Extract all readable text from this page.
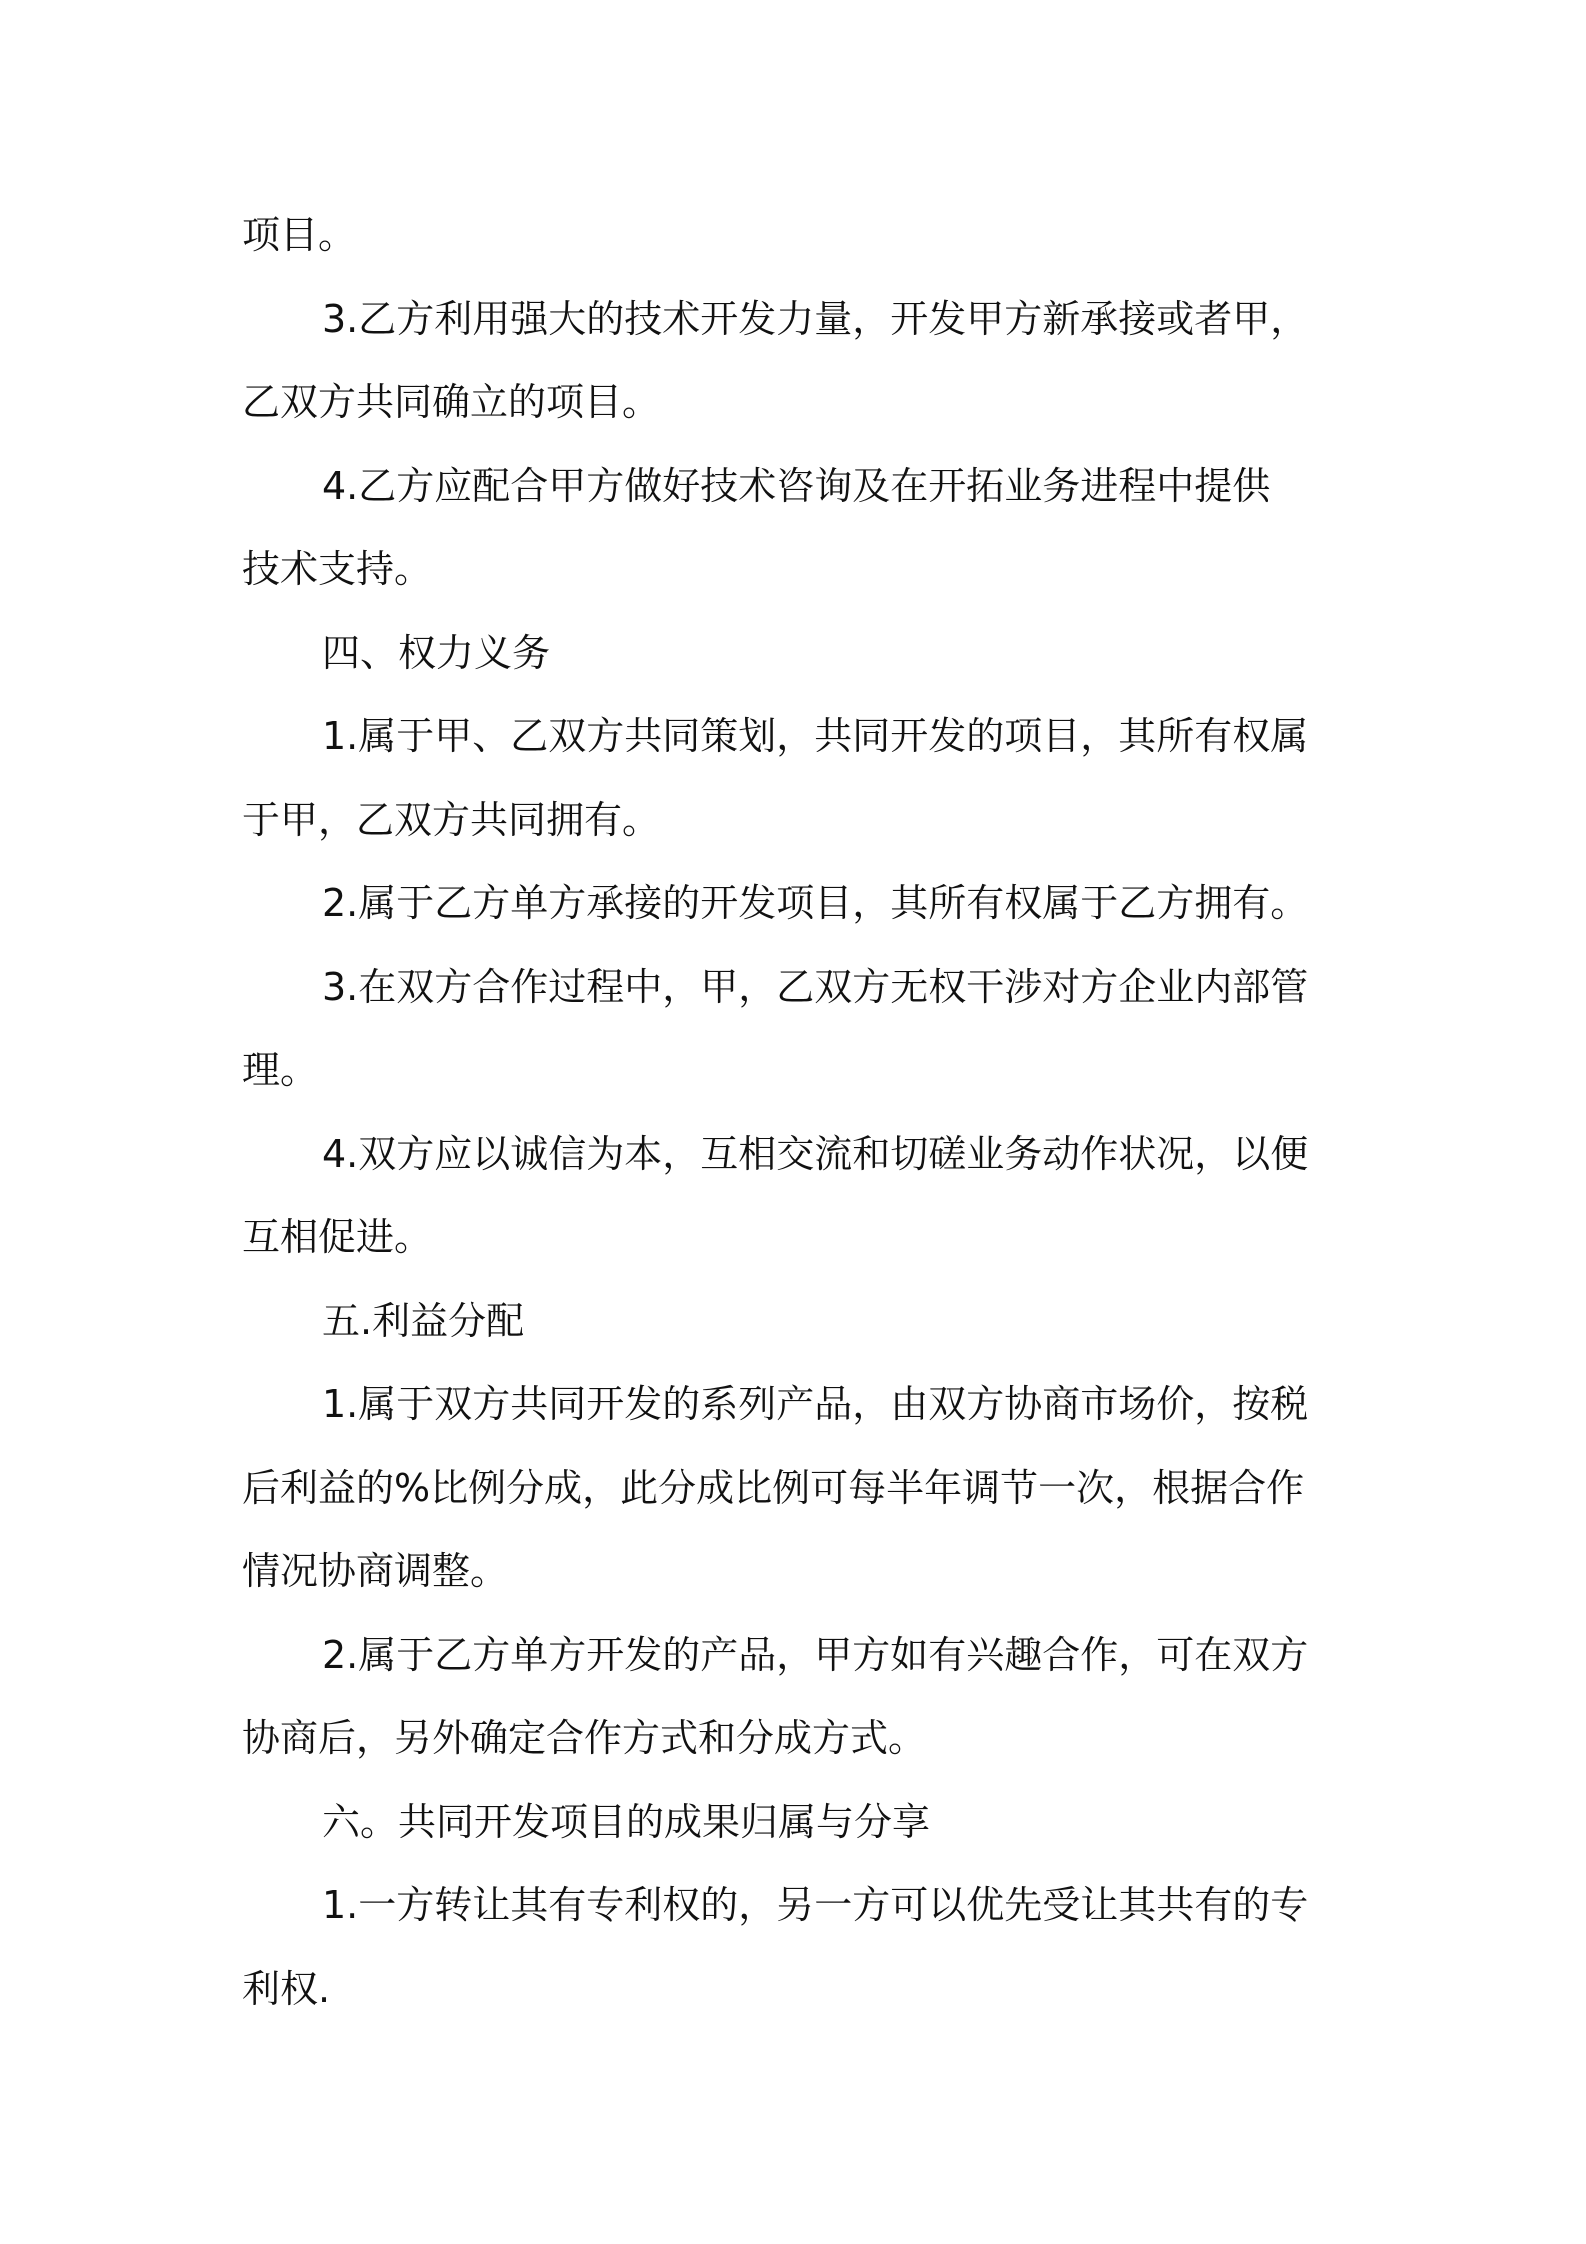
项目。
3.乙方利用强大的技术开发力量，开发甲方新承接或者甲，
乙双方共同确立的项目。
4.乙方应配合甲方做好技术咨询及在开拓业务进程中提供
技术支持。
四、权力义务
1.属于甲、乙双方共同策划，共同开发的项目，其所有权属
于甲，乙双方共同拥有。
2.属于乙方单方承接的开发项目，其所有权属于乙方拥有。
3.在双方合作过程中，甲，乙双方无权干涉对方企业内部管
理。
4.双方应以诚信为本，互相交流和切磋业务动作状况，以便
互相促进。
五.利益分配
1.属于双方共同开发的系列产品，由双方协商市场价，按税
后利益的%比例分成，此分成比例可每半年调节一次，根据合作
情况协商调整。
2.属于乙方单方开发的产品，甲方如有兴趣合作，可在双方
协商后，另外确定合作方式和分成方式。
六。共同开发项目的成果归属与分享
1.一方转让其有专利权的，另一方可以优先受让其共有的专
利权.
